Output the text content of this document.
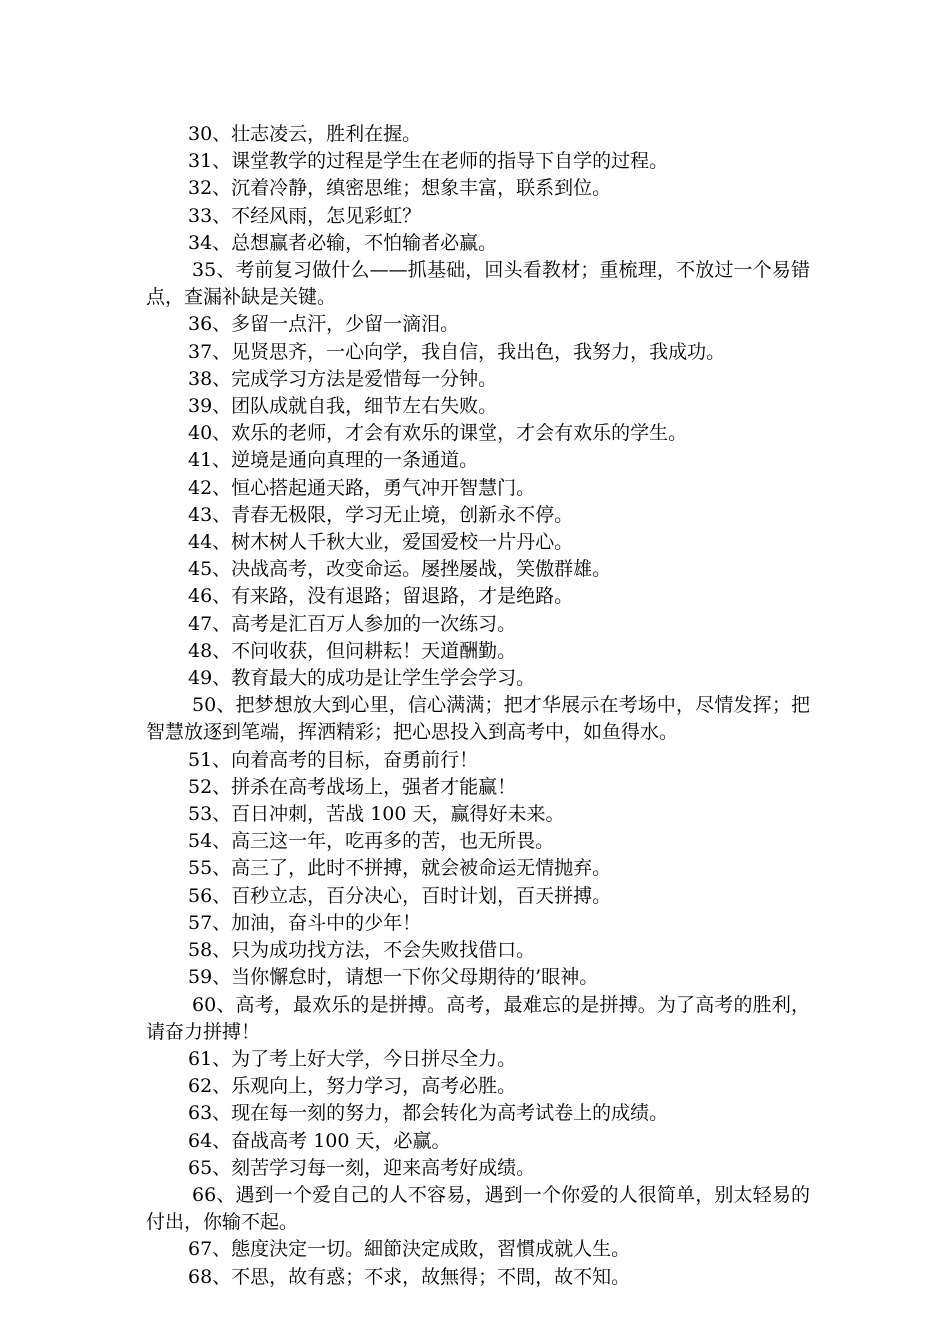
30、壮志凌云，胜利在握。

31、课堂教学的过程是学生在老师的指导下自学的过程。

32、沉着冷静，缜密思维；想象丰富，联系到位。

33、不经风雨，怎见彩虹？

34、总想赢者必输，不怕输者必赢。

35、考前复习做什么——抓基础，回头看教材；重梳理，不放过一个易错点，查漏补缺是关键。

36、多留一点汗，少留一滴泪。

37、见贤思齐，一心向学，我自信，我出色，我努力，我成功。

38、完成学习方法是爱惜每一分钟。

39、团队成就自我，细节左右失败。

40、欢乐的老师，才会有欢乐的课堂，才会有欢乐的学生。

41、逆境是通向真理的一条通道。

42、恒心搭起通天路，勇气冲开智慧门。

43、青春无极限，学习无止境，创新永不停。

44、树木树人千秋大业，爱国爱校一片丹心。

45、决战高考，改变命运。屡挫屡战，笑傲群雄。

46、有来路，没有退路；留退路，才是绝路。

47、高考是汇百万人参加的一次练习。

48、不问收获，但问耕耘！天道酬勤。

49、教育最大的成功是让学生学会学习。

50、把梦想放大到心里，信心满满；把才华展示在考场中，尽情发挥；把智慧放逐到笔端，挥洒精彩；把心思投入到高考中，如鱼得水。

51、向着高考的目标，奋勇前行！

52、拼杀在高考战场上，强者才能赢！

53、百日冲刺，苦战 100 天，赢得好未来。

54、高三这一年，吃再多的苦，也无所畏。

55、高三了，此时不拼搏，就会被命运无情抛弃。

56、百秒立志，百分决心，百时计划，百天拼搏。

57、加油，奋斗中的少年！

58、只为成功找方法，不会失败找借口。

59、当你懈怠时，请想一下你父母期待的’眼神。

60、高考，最欢乐的是拼搏。高考，最难忘的是拼搏。为了高考的胜利，请奋力拼搏！

61、为了考上好大学，今日拼尽全力。

62、乐观向上，努力学习，高考必胜。

63、现在每一刻的努力，都会转化为高考试卷上的成绩。

64、奋战高考 100 天，必赢。

65、刻苦学习每一刻，迎来高考好成绩。

66、遇到一个爱自己的人不容易，遇到一个你爱的人很简单，别太轻易的付出，你输不起。

67、態度決定一切。細節決定成敗，習慣成就人生。

68、不思，故有惑；不求，故無得；不問，故不知。
